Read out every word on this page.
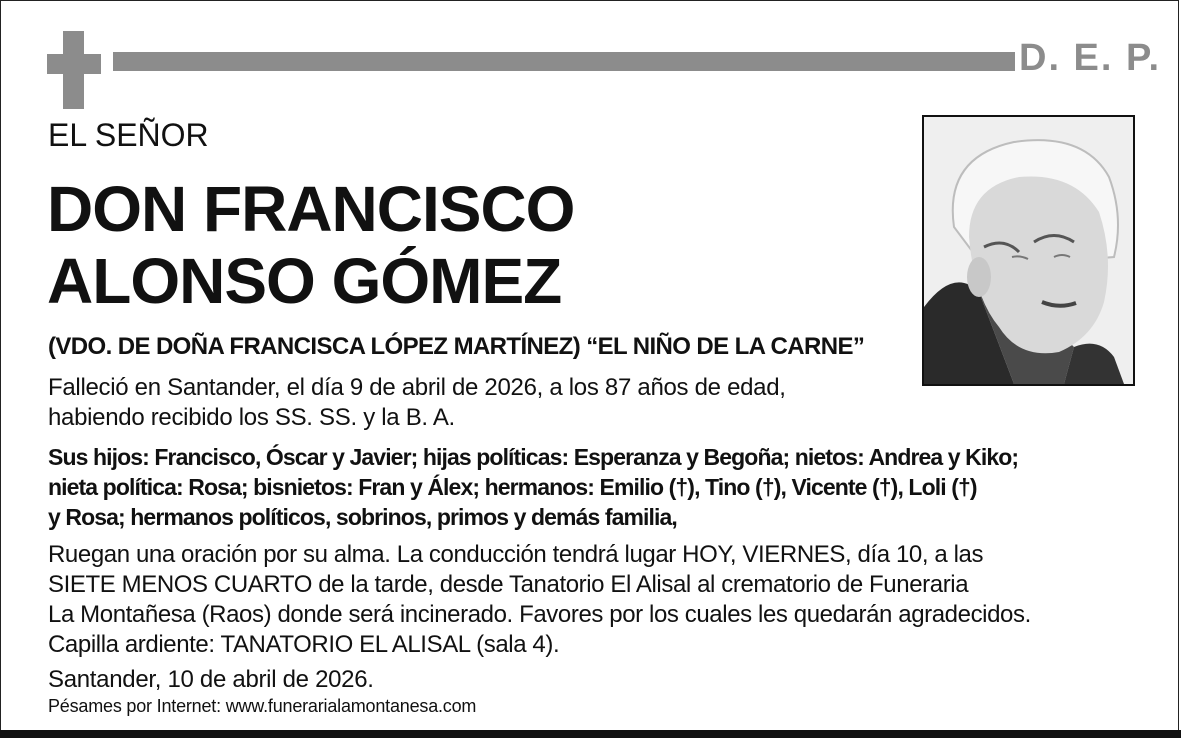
D. E. P.
EL SEÑOR
DON FRANCISCO
ALONSO GÓMEZ
(VDO. DE DOÑA FRANCISCA LÓPEZ MARTÍNEZ) “EL NIÑO DE LA CARNE”
Falleció en Santander, el día 9 de abril de 2026, a los 87 años de edad,
habiendo recibido los SS. SS. y la B. A.
Sus hijos: Francisco, Óscar y Javier; hijas políticas: Esperanza y Begoña; nietos: Andrea y Kiko;
nieta política: Rosa; bisnietos: Fran y Álex; hermanos: Emilio (†), Tino (†), Vicente (†), Loli (†)
y Rosa; hermanos políticos, sobrinos, primos y demás familia,
Ruegan una oración por su alma. La conducción tendrá lugar HOY, VIERNES, día 10, a las
SIETE MENOS CUARTO de la tarde, desde Tanatorio El Alisal al crematorio de Funeraria
La Montañesa (Raos) donde será incinerado. Favores por los cuales les quedarán agradecidos.
Capilla ardiente: TANATORIO EL ALISAL (sala 4).
Santander, 10 de abril de 2026.
Pésames por Internet: www.funerarialamontanesa.com
